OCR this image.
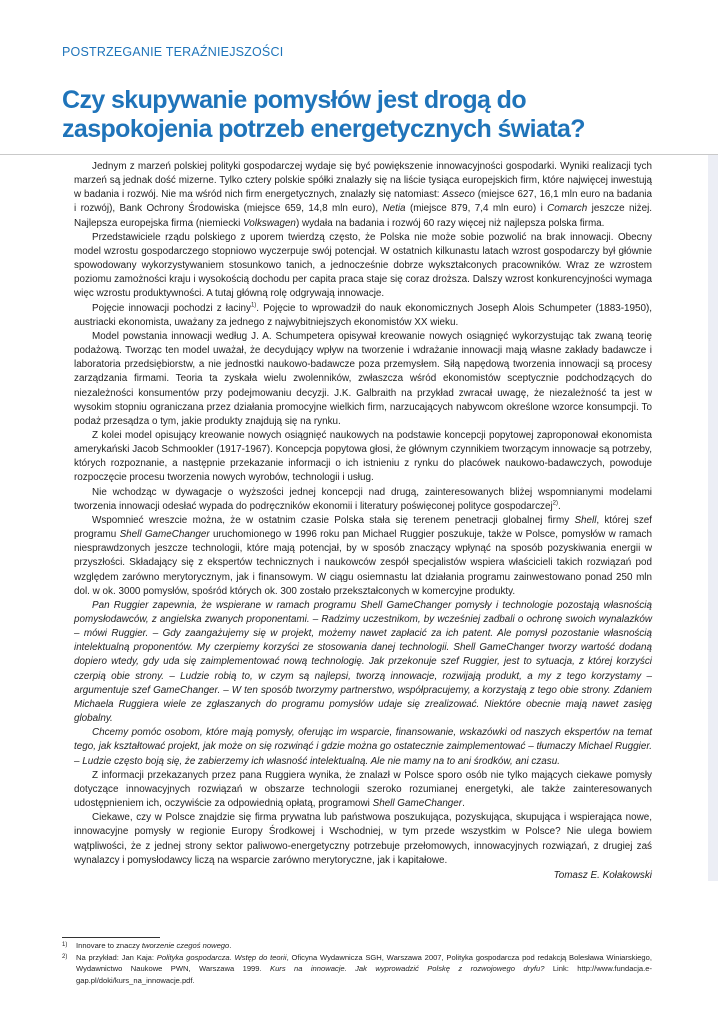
POSTRZEGANIE TERAŹNIEJSZOŚCI
Czy skupywanie pomysłów jest drogą do zaspokojenia potrzeb energetycznych świata?

Jednym z marzeń polskiej polityki gospodarczej wydaje się być powiększenie innowacyjności gospodarki. Wyniki realizacji tych marzeń są jednak dość mizerne. Tylko cztery polskie spółki znalazły się na liście tysiąca europejskich firm, które najwięcej inwestują w badania i rozwój. Nie ma wśród nich firm energetycznych, znalazły się natomiast: Asseco (miejsce 627, 16,1 mln euro na badania i rozwój), Bank Ochrony Środowiska (miejsce 659, 14,8 mln euro), Netia (miejsce 879, 7,4 mln euro) i Comarch jeszcze niżej. Najlepsza europejska firma (niemiecki Volkswagen) wydała na badania i rozwój 60 razy więcej niż najlepsza polska firma.

Przedstawiciele rządu polskiego z uporem twierdzą często, że Polska nie może sobie pozwolić na brak innowacji. Obecny model wzrostu gospodarczego stopniowo wyczerpuje swój potencjał. W ostatnich kilkunastu latach wzrost gospodarczy był głównie spowodowany wykorzystywaniem stosunkowo tanich, a jednocześnie dobrze wykształconych pracowników. Wraz ze wzrostem poziomu zamożności kraju i wysokością dochodu per capita praca staje się coraz droższa. Dalszy wzrost konkurencyjności wymaga więc wzrostu produktywności. A tutaj główną rolę odgrywają innowacje.

Pojęcie innowacji pochodzi z łaciny$^{1)}$. Pojęcie to wprowadził do nauk ekonomicznych Joseph Alois Schumpeter (1883-1950), austriacki ekonomista, uważany za jednego z najwybitniejszych ekonomistów XX wieku.

Model powstania innowacji według J. A. Schumpetera opisywał kreowanie nowych osiągnięć wykorzystując tak zwaną teorię podażową. Tworząc ten model uważał, że decydujący wpływ na tworzenie i wdrażanie innowacji mają własne zakłady badawcze i laboratoria przedsiębiorstw, a nie jednostki naukowo-badawcze poza przemysłem. Siłą napędową tworzenia innowacji są procesy zarządzania firmami. Teoria ta zyskała wielu zwolenników, zwłaszcza wśród ekonomistów sceptycznie podchodzących do niezależności konsumentów przy podejmowaniu decyzji. J.K. Galbraith na przykład zwracał uwagę, że niezależność ta jest w wysokim stopniu ograniczana przez działania promocyjne wielkich firm, narzucających nabywcom określone wzorce konsumpcji. To podaż przesądza o tym, jakie produkty znajdują się na rynku.

Z kolei model opisujący kreowanie nowych osiągnięć naukowych na podstawie koncepcji popytowej zaproponował ekonomista amerykański Jacob Schmookler (1917-1967). Koncepcja popytowa głosi, że głównym czynnikiem tworzącym innowacje są potrzeby, których rozpoznanie, a następnie przekazanie informacji o ich istnieniu z rynku do placówek naukowo-badawczych, powoduje rozpoczęcie procesu tworzenia nowych wyrobów, technologii i usług.

Nie wchodząc w dywagacje o wyższości jednej koncepcji nad drugą, zainteresowanych bliżej wspomnianymi modelami tworzenia innowacji odesłać wypada do podręczników ekonomii i literatury poświęconej polityce gospodarczej$^{2)}$.

Wspomnieć wreszcie można, że w ostatnim czasie Polska stała się terenem penetracji globalnej firmy Shell, której szef programu Shell GameChanger uruchomionego w 1996 roku pan Michael Ruggier poszukuje, także w Polsce, pomysłów w ramach niesprawdzonych jeszcze technologii, które mają potencjał, by w sposób znaczący wpłynąć na sposób pozyskiwania energii w przyszłości. Składający się z ekspertów technicznych i naukowców zespół specjalistów wspiera właścicieli takich rozwiązań pod względem zarówno merytorycznym, jak i finansowym. W ciągu osiemnastu lat działania programu zainwestowano ponad 250 mln dol. w ok. 3000 pomysłów, spośród których ok. 300 zostało przekształconych w komercyjne produkty.

Pan Ruggier zapewnia, że wspierane w ramach programu Shell GameChanger pomysły i technologie pozostają własnością pomysłodawców, z angielska zwanych proponentami. – Radzimy uczestnikom, by wcześniej zadbali o ochronę swoich wynalazków – mówi Ruggier. – Gdy zaangażujemy się w projekt, możemy nawet zapłacić za ich patent. Ale pomysł pozostanie własnością intelektualną proponentów. My czerpiemy korzyści ze stosowania danej technologii. Shell GameChanger tworzy wartość dodaną dopiero wtedy, gdy uda się zaimplementować nową technologię. Jak przekonuje szef Ruggier, jest to sytuacja, z której korzyści czerpią obie strony. – Ludzie robią to, w czym są najlepsi, tworzą innowacje, rozwijają produkt, a my z tego korzystamy – argumentuje szef GameChanger. – W ten sposób tworzymy partnerstwo, współpracujemy, a korzystają z tego obie strony. Zdaniem Michaela Ruggiera wiele ze zgłaszanych do programu pomysłów udaje się zrealizować. Niektóre obecnie mają nawet zasięg globalny.

Chcemy pomóc osobom, które mają pomysły, oferując im wsparcie, finansowanie, wskazówki od naszych ekspertów na temat tego, jak kształtować projekt, jak może on się rozwinąć i gdzie można go ostatecznie zaimplementować – tłumaczy Michael Ruggier. – Ludzie często boją się, że zabierzemy ich własność intelektualną. Ale nie mamy na to ani środków, ani czasu.

Z informacji przekazanych przez pana Ruggiera wynika, że znalazł w Polsce sporo osób nie tylko mających ciekawe pomysły dotyczące innowacyjnych rozwiązań w obszarze technologii szeroko rozumianej energetyki, ale także zainteresowanych udostępnieniem ich, oczywiście za odpowiednią opłatą, programowi Shell GameChanger.

Ciekawe, czy w Polsce znajdzie się firma prywatna lub państwowa poszukująca, pozyskująca, skupująca i wspierająca nowe, innowacyjne pomysły w regionie Europy Środkowej i Wschodniej, w tym przede wszystkim w Polsce? Nie ulega bowiem wątpliwości, że z jednej strony sektor paliwowo-energetyczny potrzebuje przełomowych, innowacyjnych rozwiązań, z drugiej zaś wynalazcy i pomysłodawcy liczą na wsparcie zarówno merytoryczne, jak i kapitałowe.

Tomasz E. Kołakowski
1) Innovare to znaczy tworzenie czegoś nowego.
2) Na przykład: Jan Kaja: Polityka gospodarcza. Wstęp do teorii, Oficyna Wydawnicza SGH, Warszawa 2007, Polityka gospodarcza pod redakcją Bolesława Winiarskiego, Wydawnictwo Naukowe PWN, Warszawa 1999. Kurs na innowacje. Jak wyprowadzić Polskę z rozwojowego dryfu? Link: http://www.fundacja.e-gap.pl/doki/kurs_na_innowacje.pdf.
